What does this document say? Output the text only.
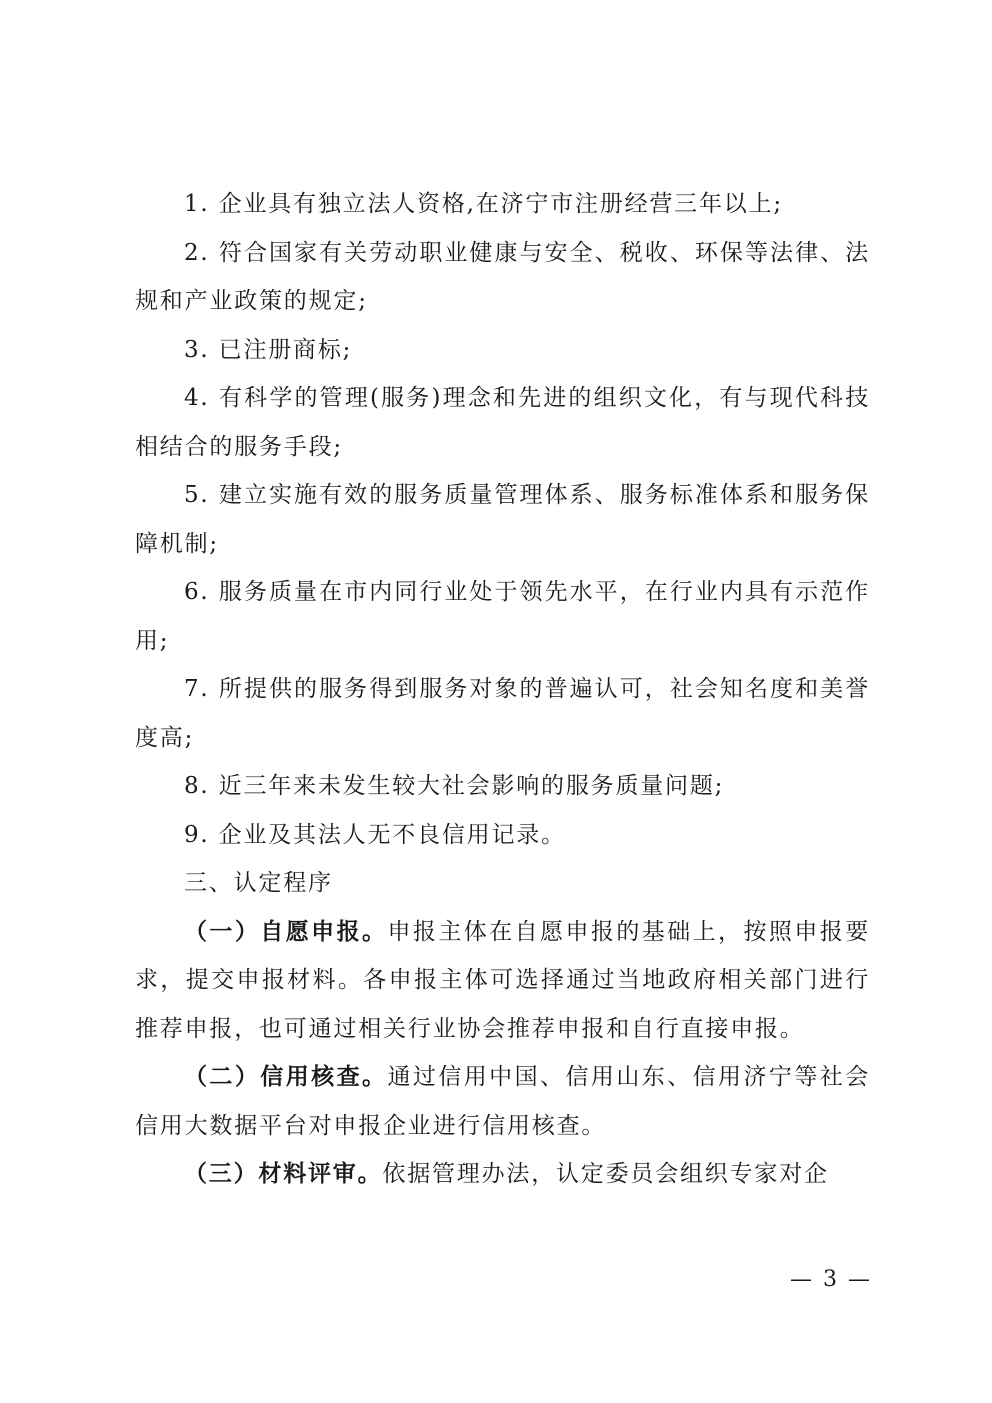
1. 企业具有独立法人资格,在济宁市注册经营三年以上;

2. 符合国家有关劳动职业健康与安全、税收、环保等法律、法规和产业政策的规定;

3. 已注册商标;

4. 有科学的管理(服务)理念和先进的组织文化，有与现代科技相结合的服务手段;

5. 建立实施有效的服务质量管理体系、服务标准体系和服务保障机制;

6. 服务质量在市内同行业处于领先水平，在行业内具有示范作用;

7. 所提供的服务得到服务对象的普遍认可，社会知名度和美誉度高;

8. 近三年来未发生较大社会影响的服务质量问题;

9. 企业及其法人无不良信用记录。

三、认定程序

（一）自愿申报。申报主体在自愿申报的基础上，按照申报要求，提交申报材料。各申报主体可选择通过当地政府相关部门进行推荐申报，也可通过相关行业协会推荐申报和自行直接申报。

（二）信用核查。通过信用中国、信用山东、信用济宁等社会信用大数据平台对申报企业进行信用核查。

（三）材料评审。依据管理办法，认定委员会组织专家对企

— 3 —
